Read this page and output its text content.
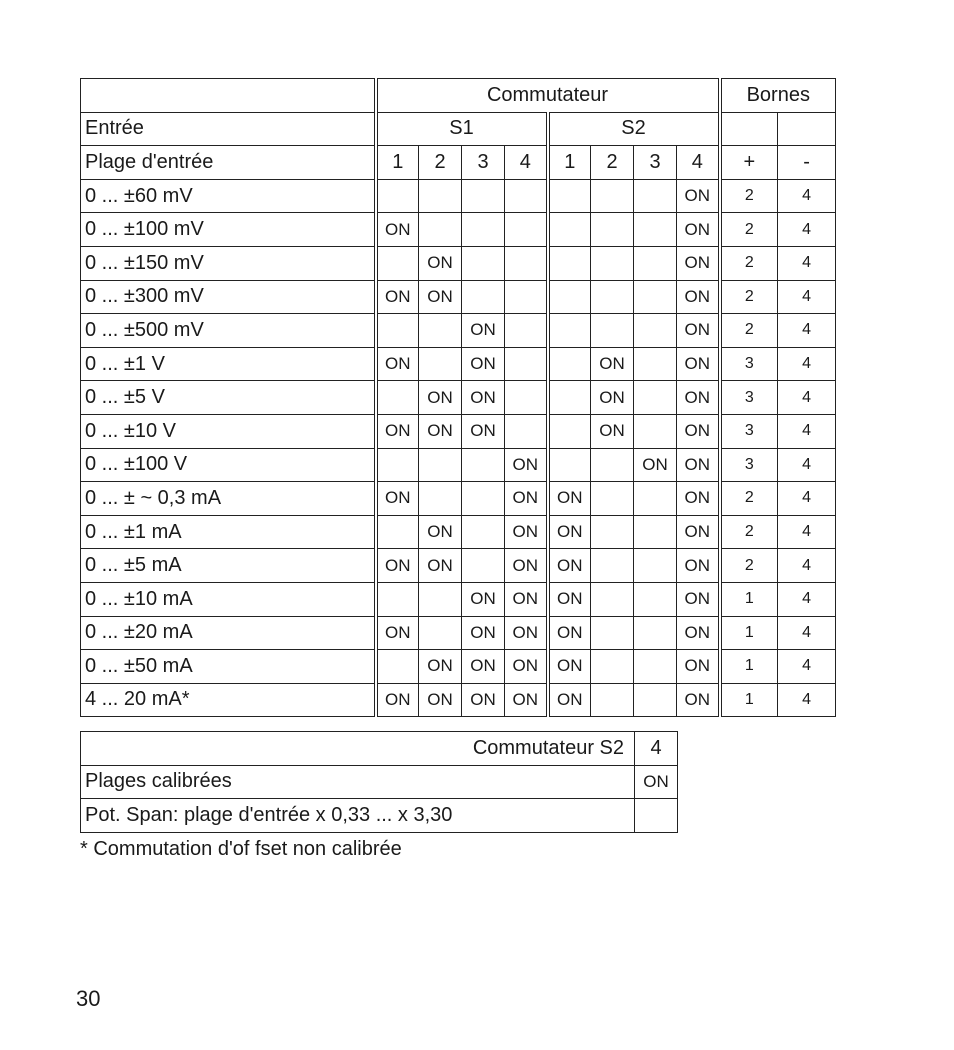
	Commutateur								Bornes	
Entrée	S1				S2					
Plage d'entrée	1	2	3	4	1	2	3	4	+	-
0 ... ±60 mV								ON	2	4
0 ... ±100 mV	ON							ON	2	4
0 ... ±150 mV		ON						ON	2	4
0 ... ±300 mV	ON	ON						ON	2	4
0 ... ±500 mV			ON					ON	2	4
0 ... ±1 V	ON		ON			ON		ON	3	4
0 ... ±5 V		ON	ON			ON		ON	3	4
0 ... ±10 V	ON	ON	ON			ON		ON	3	4
0 ... ±100 V				ON			ON	ON	3	4
0 ... ± ~ 0,3 mA	ON			ON	ON			ON	2	4
0 ... ±1 mA		ON		ON	ON			ON	2	4
0 ... ±5 mA	ON	ON		ON	ON			ON	2	4
0 ... ±10 mA			ON	ON	ON			ON	1	4
0 ... ±20 mA	ON		ON	ON	ON			ON	1	4
0 ... ±50 mA		ON	ON	ON	ON			ON	1	4
4 ... 20 mA*	ON	ON	ON	ON	ON			ON	1	4
Commutateur S2	4
Plages calibrées	ON
Pot. Span: plage d'entrée x 0,33 ... x 3,30	
* Commutation d'of fset non calibrée
30
